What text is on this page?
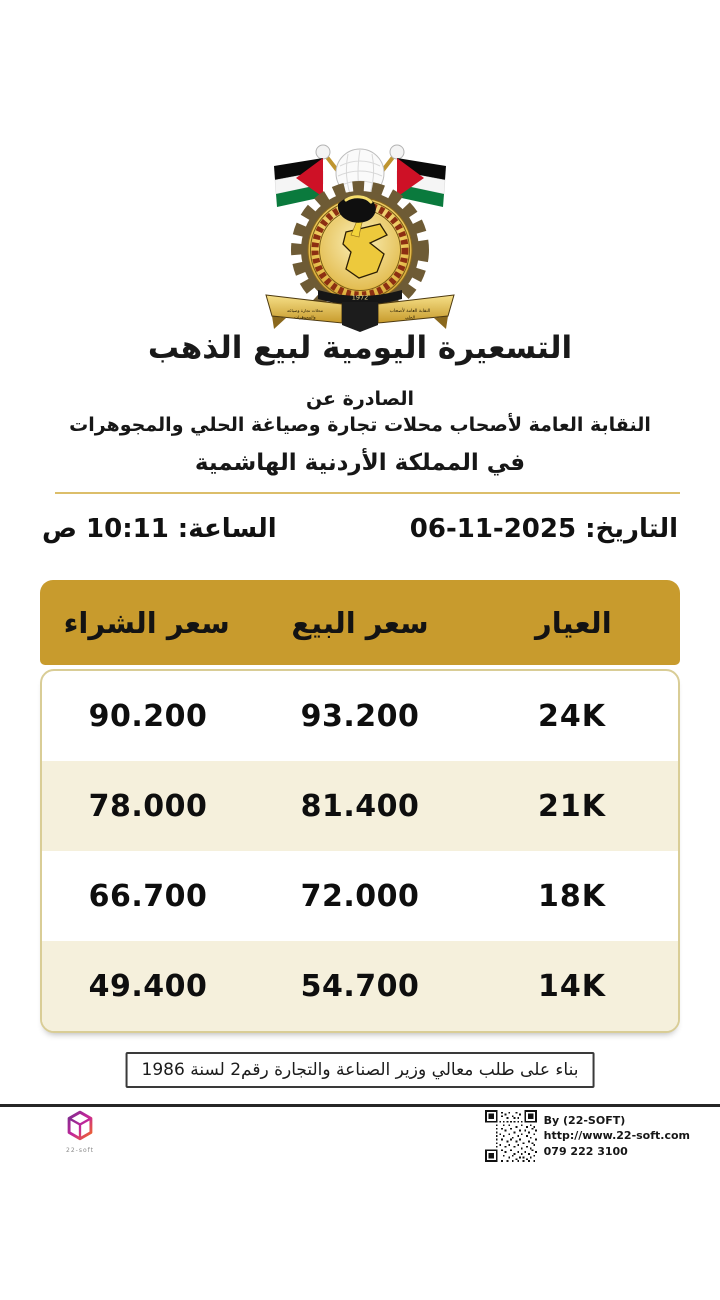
1972
النقابة العامة لأصحاب
الحلي
محلات تجارة وصياغة
والمجوهرات
التسعيرة اليومية لبيع الذهب
الصادرة عن
النقابة العامة لأصحاب محلات تجارة وصياغة الحلي والمجوهرات
في المملكة الأردنية الهاشمية
التاريخ:
06-11-2025
الساعة:
10:11 ص
العيار
سعر البيع
سعر الشراء
24K
93.200
90.200
21K
81.400
78.000
18K
72.000
66.700
14K
54.700
49.400
بناء على طلب معالي وزير الصناعة والتجارة رقم2 لسنة 1986
22-soft
By (22-SOFT)
http://www.22-soft.com
079 222 3100
